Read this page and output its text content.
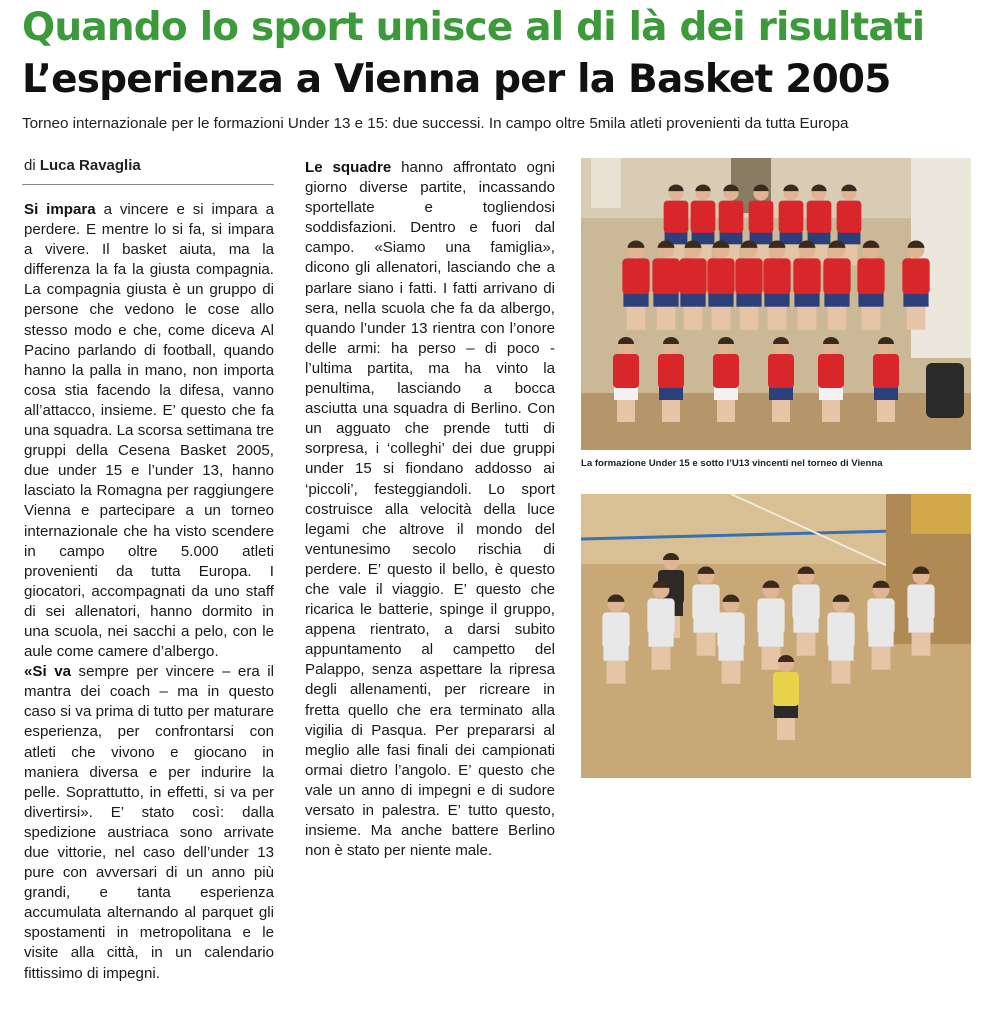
Quando lo sport unisce al di là dei risultati
L’esperienza a Vienna per la Basket 2005
Torneo internazionale per le formazioni Under 13 e 15: due successi. In campo oltre 5mila atleti provenienti da tutta Europa
di Luca Ravaglia

Si impara a vincere e si impara a perdere. E mentre lo si fa, si impara a vivere. Il basket aiuta, ma la differenza la fa la giusta compagnia. La compagnia giusta è un gruppo di persone che vedono le cose allo stesso modo e che, come diceva Al Pacino parlando di football, quando hanno la palla in mano, non importa cosa stia facendo la difesa, vanno all’attacco, insieme. E’ questo che fa una squadra. La scorsa settimana tre gruppi della Cesena Basket 2005, due under 15 e l’under 13, hanno lasciato la Romagna per raggiungere Vienna e partecipare a un torneo internazionale che ha visto scendere in campo oltre 5.000 atleti provenienti da tutta Europa. I giocatori, accompagnati da uno staff di sei allenatori, hanno dormito in una scuola, nei sacchi a pelo, con le aule come camere d’albergo.

«Si va sempre per vincere – era il mantra dei coach – ma in questo caso si va prima di tutto per maturare esperienza, per confrontarsi con atleti che vivono e giocano in maniera diversa e per indurire la pelle. Soprattutto, in effetti, si va per divertirsi». E’ stato così: dalla spedizione austriaca sono arrivate due vittorie, nel caso dell’under 13 pure con avversari di un anno più grandi, e tanta esperienza accumulata alternando al parquet gli spostamenti in metropolitana e le visite alla città, in un calendario fittissimo di impegni.

Le squadre hanno affrontato ogni giorno diverse partite, incassando sportellate e togliendosi soddisfazioni. Dentro e fuori dal campo. «Siamo una famiglia», dicono gli allenatori, lasciando che a parlare siano i fatti. I fatti arrivano di sera, nella scuola che fa da albergo, quando l’under 13 rientra con l’onore delle armi: ha perso – di poco - l’ultima partita, ma ha vinto la penultima, lasciando a bocca asciutta una squadra di Berlino. Con un agguato che prende tutti di sorpresa, i ‘colleghi’ dei due gruppi under 15 si fiondano addosso ai ‘piccoli’, festeggiandoli. Lo sport costruisce alla velocità della luce legami che altrove il mondo del ventunesimo secolo rischia di perdere. E’ questo il bello, è questo che vale il viaggio. E’ questo che ricarica le batterie, spinge il gruppo, appena rientrato, a darsi subito appuntamento al campetto del Palappo, senza aspettare la ripresa degli allenamenti, per ricreare in fretta quello che era terminato alla vigilia di Pasqua. Per prepararsi al meglio alle fasi finali dei campionati ormai dietro l’angolo. E’ questo che vale un anno di impegni e di sudore versato in palestra. E’ tutto questo, insieme. Ma anche battere Berlino non è stato per niente male.

La formazione Under 15 e sotto l’U13 vincenti nel torneo di Vienna
